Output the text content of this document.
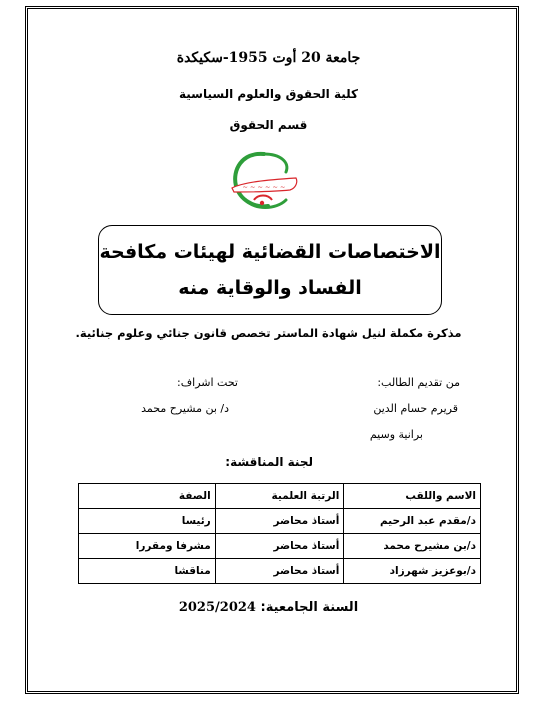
جامعة 20 أوت 1955-سكيكدة
كلية الحقوق والعلوم السياسية
قسم الحقوق
~ ~ ~ ~ ~ ~
الاختصاصات القضائية لهيئات مكافحة
الفساد والوقاية منه
مذكرة مكملة لنيل شهادة الماستر تخصص قانون جنائي وعلوم جنائية.
من تقديم الطالب:
تحت اشراف:
قريرم حسام الدين
د/ بن مشيرح محمد
برانية وسيم
لجنة المناقشة:
الاسم واللقب	الرتبة العلمية	الصفة
د/مقدم عبد الرحيم	أستاذ محاضر	رئيسا
د/بن مشيرح محمد	أستاذ محاضر	مشرفا ومقررا
د/بوعزيز شهرزاد	أستاذ محاضر	مناقشا
السنة الجامعية: 2025/2024
